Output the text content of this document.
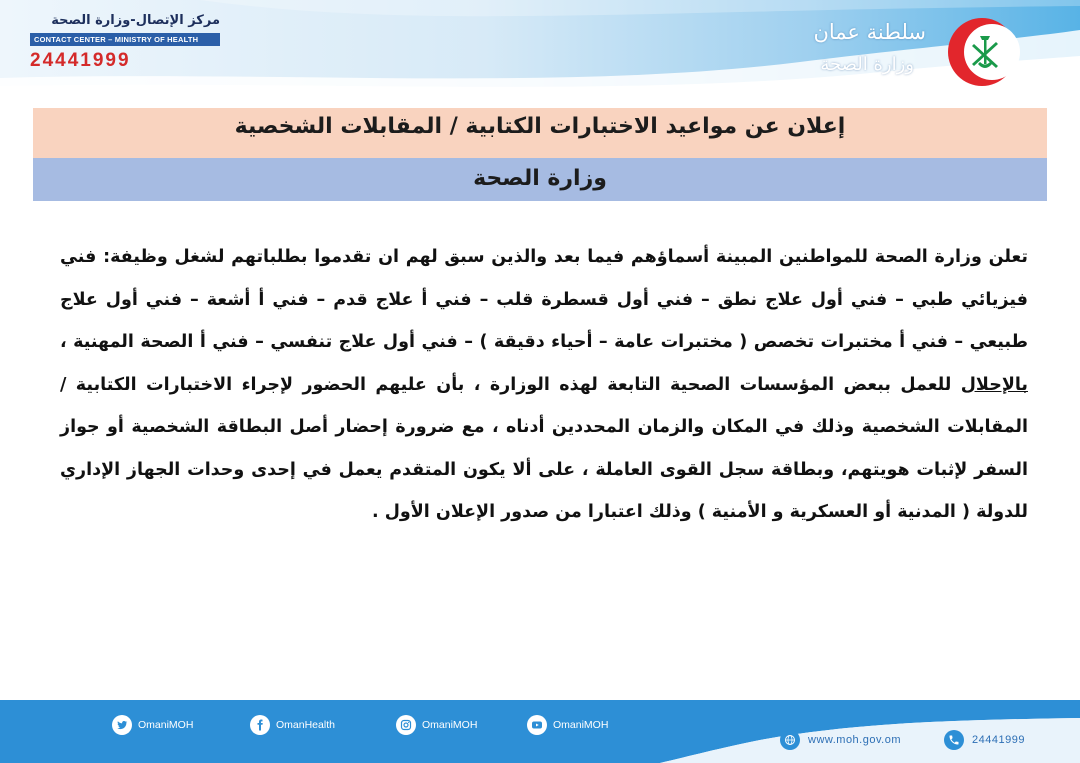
مركز الإتصال-وزارة الصحة
CONTACT CENTER – MINISTRY OF HEALTH
24441999
سلطنة عمان
وزارة الصحة
إعلان عن مواعيد الاختبارات الكتابية / المقابلات الشخصية
وزارة الصحة
تعلن وزارة الصحة للمواطنين المبينة أسماؤهم فيما بعد والذين سبق لهم ان تقدموا بطلباتهم لشغل وظيفة: فني فيزيائي طبي – فني أول علاج نطق – فني أول قسطرة قلب – فني أ علاج قدم – فني أ أشعة – فني أول علاج طبيعي – فني أ مختبرات تخصص ( مختبرات عامة – أحياء دقيقة ) – فني أول علاج تنفسي – فني أ الصحة المهنية ، بالإحلال للعمل ببعض المؤسسات الصحية التابعة لهذه الوزارة ، بأن عليهم الحضور لإجراء الاختبارات الكتابية / المقابلات الشخصية وذلك في المكان والزمان المحددين أدناه ، مع ضرورة إحضار أصل البطاقة الشخصية أو جواز السفر لإثبات هويتهم، وبطاقة سجل القوى العاملة ، على ألا يكون المتقدم يعمل في إحدى وحدات الجهاز الإداري للدولة ( المدنية أو العسكرية و الأمنية ) وذلك اعتبارا من صدور الإعلان الأول .
OmaniMOH	OmanHealth	OmaniMOH	OmaniMOH
www.moh.gov.om	24441999
